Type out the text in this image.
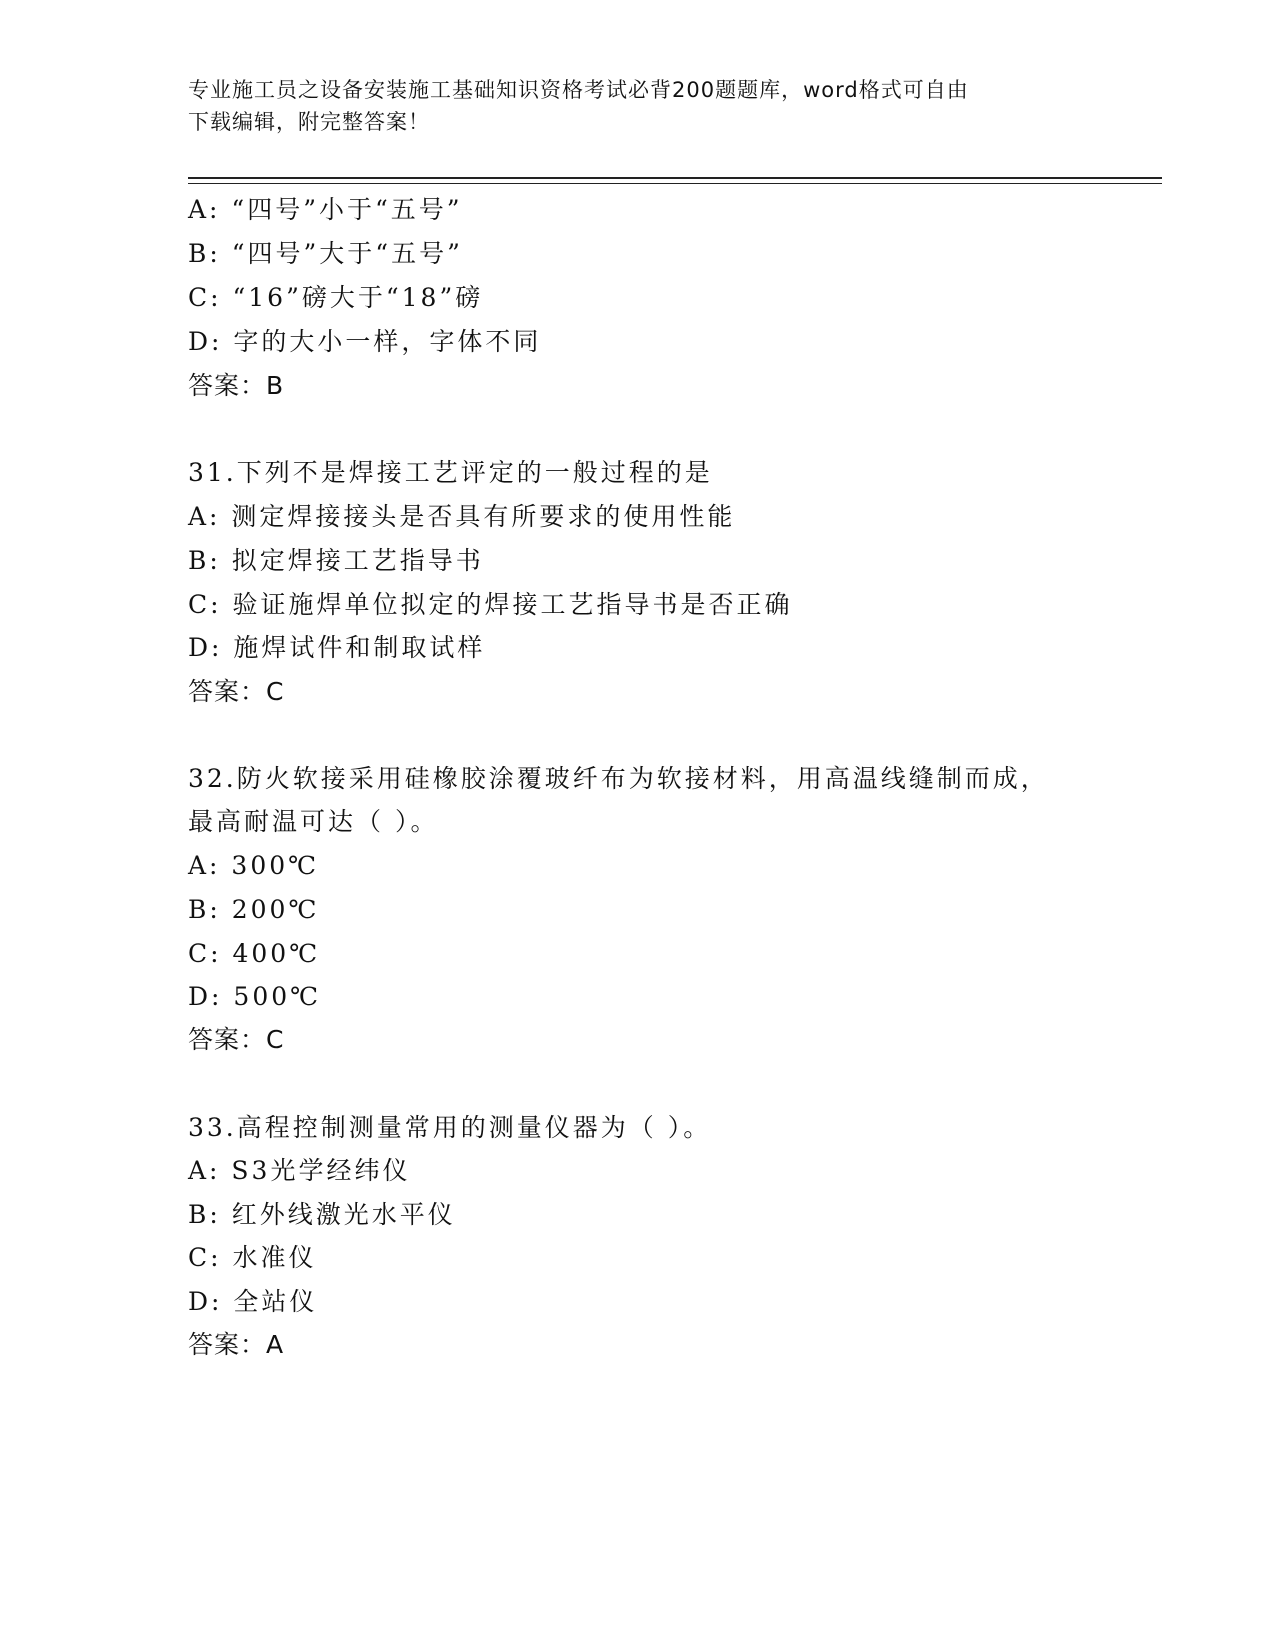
专业施工员之设备安装施工基础知识资格考试必背200题题库，word格式可自由
下载编辑，附完整答案！
A: “四号”小于“五号”
B: “四号”大于“五号”
C: “16”磅大于“18”磅
D: 字的大小一样，字体不同
答案：B
31.下列不是焊接工艺评定的一般过程的是
A: 测定焊接接头是否具有所要求的使用性能
B: 拟定焊接工艺指导书
C: 验证施焊单位拟定的焊接工艺指导书是否正确
D: 施焊试件和制取试样
答案：C
32.防火软接采用硅橡胶涂覆玻纤布为软接材料，用高温线缝制而成，
最高耐温可达（ ）。
A: 300℃
B: 200℃
C: 400℃
D: 500℃
答案：C
33.高程控制测量常用的测量仪器为（ ）。
A: S3光学经纬仪
B: 红外线激光水平仪
C: 水准仪
D: 全站仪
答案：A
